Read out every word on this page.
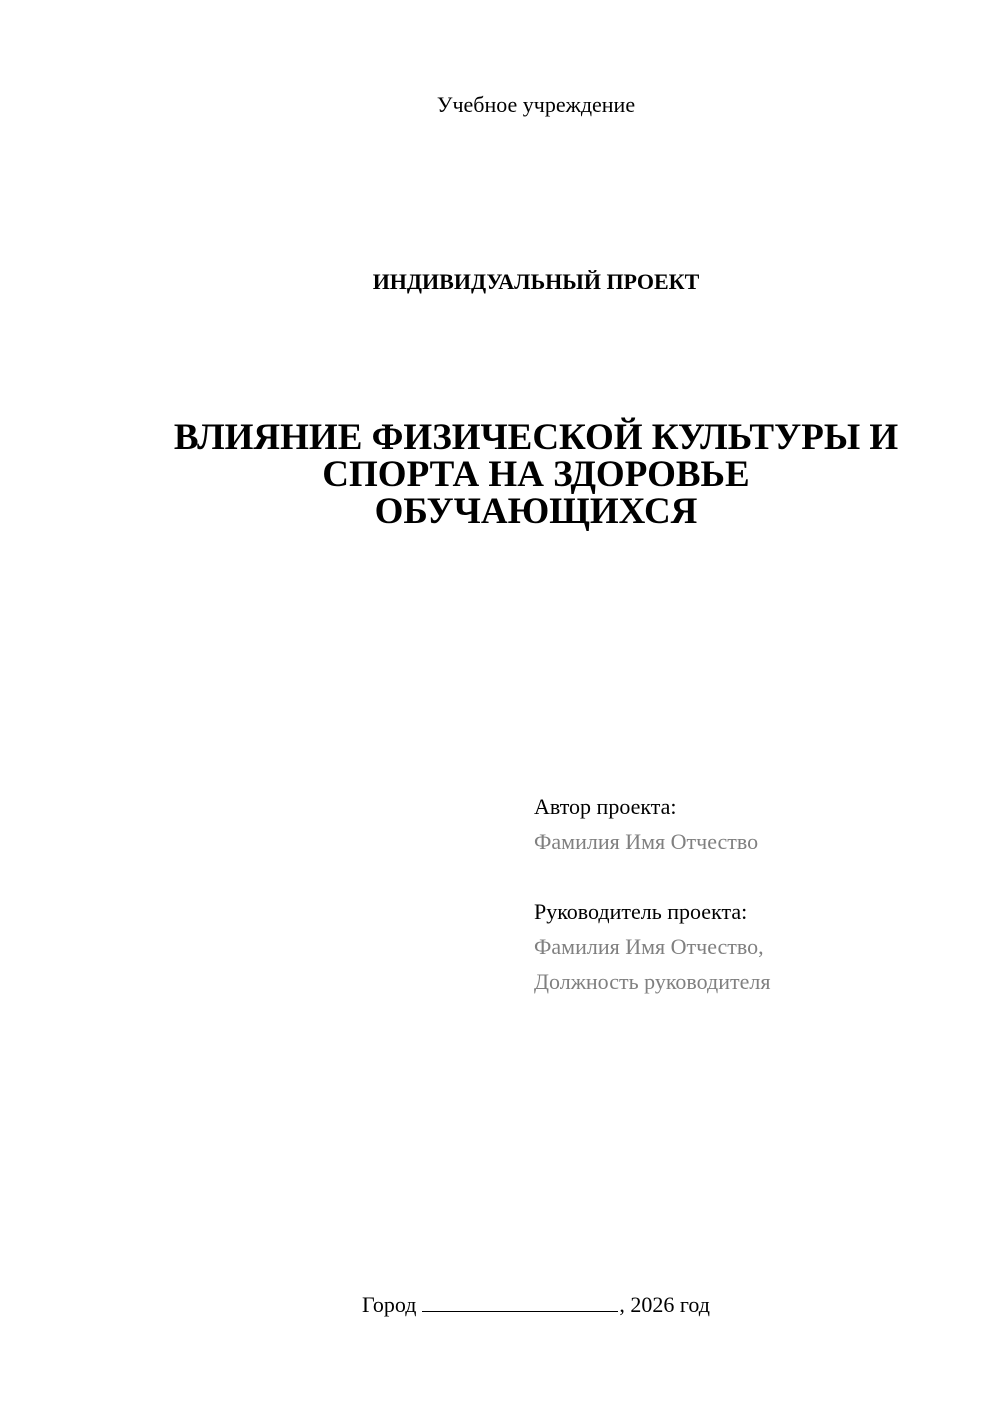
Учебное учреждение
ИНДИВИДУАЛЬНЫЙ ПРОЕКТ
ВЛИЯНИЕ ФИЗИЧЕСКОЙ КУЛЬТУРЫ И
СПОРТА НА ЗДОРОВЬЕ
ОБУЧАЮЩИХСЯ
Автор проекта:
Фамилия Имя Отчество
Руководитель проекта:
Фамилия Имя Отчество,
Должность руководителя
Город	, 2026 год
